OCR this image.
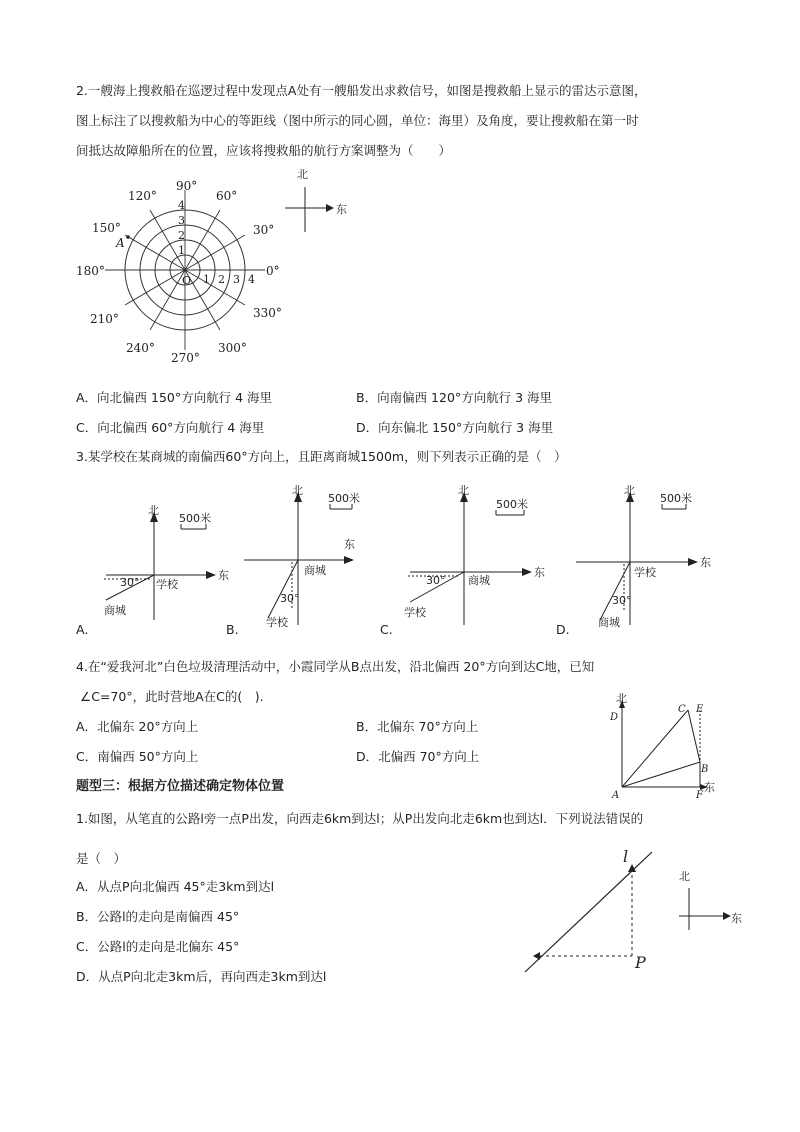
2.一艘海上搜救船在巡逻过程中发现点A处有一艘船发出求救信号，如图是搜救船上显示的雷达示意图，
图上标注了以搜救船为中心的等距线（图中所示的同心圆，单位：海里）及角度，要让搜救船在第一时
间抵达故障船所在的位置，应该将搜救船的航行方案调整为（　　）
90°
60°
30°
0°
330°
300°
270°
240°
210°
180°
150°
120°
1
2
3
4
1 2 3 4
O
A
北
东
A．向北偏西 150°方向航行 4 海里	B．向南偏西 120°方向航行 3 海里
C．向北偏西 60°方向航行 4 海里	D．向东偏北 150°方向航行 3 海里
3.某学校在某商城的南偏西60°方向上，且距离商城1500m，则下列表示正确的是（　）
北
东
500米
30° 学校
商城
A.
北
东
500米
商城
30°
学校
B.
北
东
500米
30° 商城
学校
C.
北
东
500米
学校
30°
商城
D.
4.在“爱我河北”白色垃圾清理活动中，小霞同学从B点出发，沿北偏西 20°方向到达C地，已知
∠C=70°，此时营地A在C的(　).
A．北偏东 20°方向上	B．北偏东 70°方向上
C．南偏西 50°方向上	D．北偏西 70°方向上
北
东
D
C E
B
A	F
题型三：根据方位描述确定物体位置
1.如图，从笔直的公路l旁一点P出发，向西走6km到达l；从P出发向北走6km也到达l．下列说法错误的
是（　）
A．从点P向北偏西 45°走3km到达l
B．公路l的走向是南偏西 45°
C．公路l的走向是北偏东 45°
D．从点P向北走3km后，再向西走3km到达l
l
P
北
东
